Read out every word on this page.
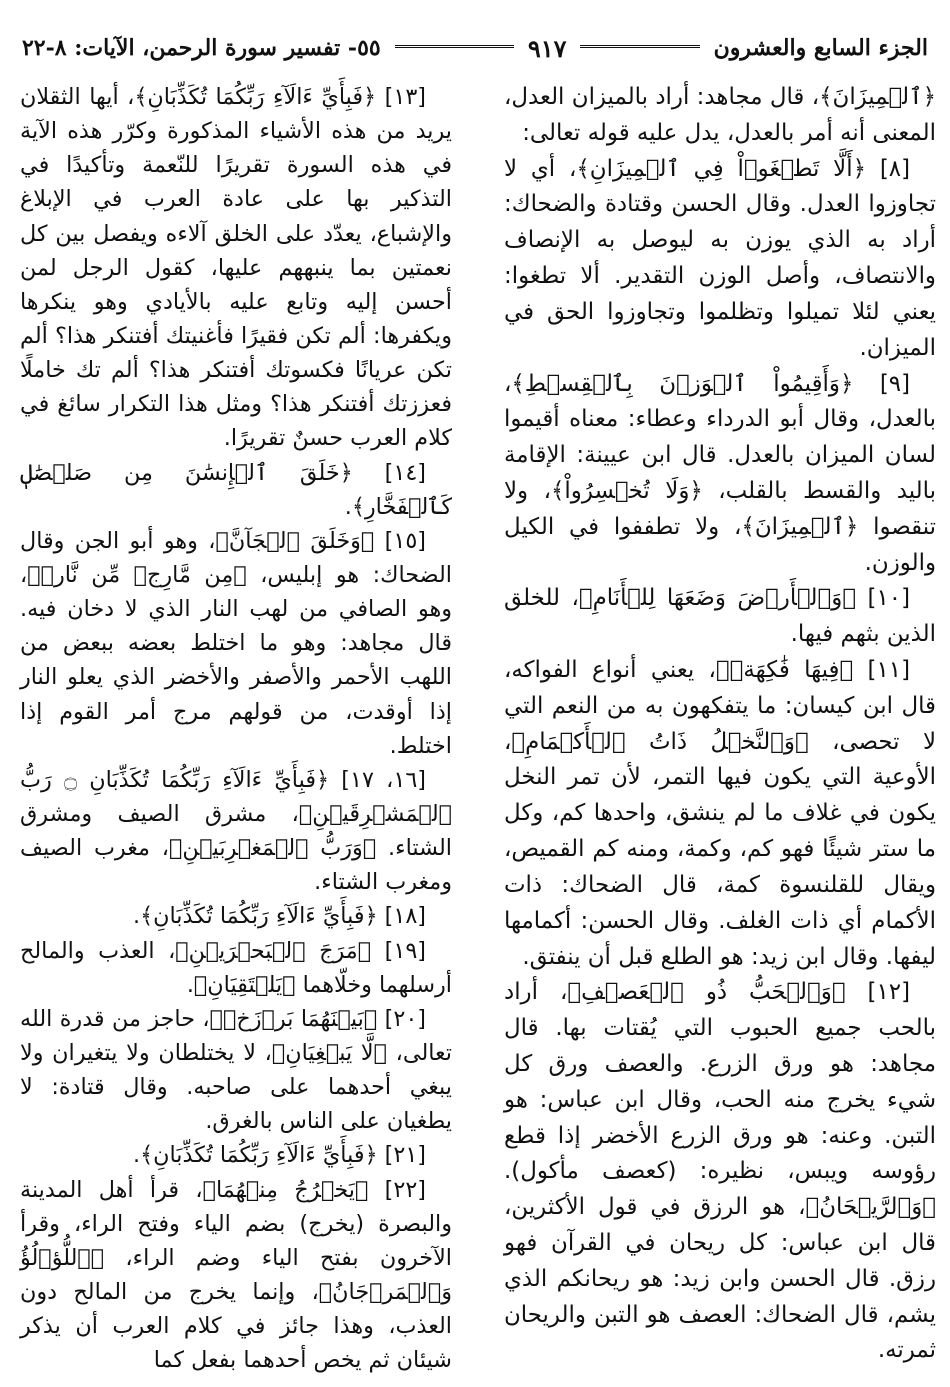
الجزء السابع والعشرون
٩١٧
٥٥- تفسير سورة الرحمن، الآيات: ٨-٢٢

﴿ٱلۡمِيزَانَ﴾، قال مجاهد: أراد بالميزان العدل، المعنى أنه أمر بالعدل، يدل عليه قوله تعالى:

[٨] ﴿أَلَّا تَطۡغَوۡاْ فِي ٱلۡمِيزَانِ﴾، أي لا تجاوزوا العدل. وقال الحسن وقتادة والضحاك: أراد به الذي يوزن به ليوصل به الإنصاف والانتصاف، وأصل الوزن التقدير. ألا تطغوا: يعني لئلا تميلوا وتظلموا وتجاوزوا الحق في الميزان.

[٩] ﴿وَأَقِيمُواْ ٱلۡوَزۡنَ بِٱلۡقِسۡطِ﴾، بالعدل، وقال أبو الدرداء وعطاء: معناه أقيموا لسان الميزان بالعدل. قال ابن عيينة: الإقامة باليد والقسط بالقلب، ﴿وَلَا تُخۡسِرُواْ﴾، ولا تنقصوا ﴿ٱلۡمِيزَانَ﴾، ولا تطففوا في الكيل والوزن.

[١٠] ﴿وَٱلۡأَرۡضَ وَضَعَهَا لِلۡأَنَامِ﴾، للخلق الذين بثهم فيها.

[١١] ﴿فِيهَا فَٰكِهَةٞ﴾، يعني أنواع الفواكه، قال ابن كيسان: ما يتفكهون به من النعم التي لا تحصى، ﴿وَٱلنَّخۡلُ ذَاتُ ٱلۡأَكۡمَامِ﴾، الأوعية التي يكون فيها التمر، لأن تمر النخل يكون في غلاف ما لم ينشق، واحدها كم، وكل ما ستر شيئًا فهو كم، وكمة، ومنه كم القميص، ويقال للقلنسوة كمة، قال الضحاك: ذات الأكمام أي ذات الغلف. وقال الحسن: أكمامها ليفها. وقال ابن زيد: هو الطلع قبل أن ينفتق.

[١٢] ﴿وَٱلۡحَبُّ ذُو ٱلۡعَصۡفِ﴾، أراد بالحب جميع الحبوب التي يُقتات بها. قال مجاهد: هو ورق الزرع. والعصف ورق كل شيء يخرج منه الحب، وقال ابن عباس: هو التبن. وعنه: هو ورق الزرع الأخضر إذا قطع رؤوسه ويبس، نظيره: (كعصف مأكول). ﴿وَٱلرَّيۡحَانُ﴾، هو الرزق في قول الأكثرين، قال ابن عباس: كل ريحان في القرآن فهو رزق. قال الحسن وابن زيد: هو ريحانكم الذي يشم، قال الضحاك: العصف هو التبن والريحان ثمرته.

[١٣] ﴿فَبِأَيِّ ءَالَآءِ رَبِّكُمَا تُكَذِّبَانِ﴾، أيها الثقلان يريد من هذه الأشياء المذكورة وكرّر هذه الآية في هذه السورة تقريرًا للنّعمة وتأكيدًا في التذكير بها على عادة العرب في الإبلاغ والإشباع، يعدّد على الخلق آلاءه ويفصل بين كل نعمتين بما ينبههم عليها، كقول الرجل لمن أحسن إليه وتابع عليه بالأيادي وهو ينكرها ويكفرها: ألم تكن فقيرًا فأغنيتك أفتنكر هذا؟ ألم تكن عريانًا فكسوتك أفتنكر هذا؟ ألم تك خاملًا فعززتك أفتنكر هذا؟ ومثل هذا التكرار سائغ في كلام العرب حسنٌ تقريرًا.

[١٤] ﴿خَلَقَ ٱلۡإِنسَٰنَ مِن صَلۡصَٰلٖ كَٱلۡفَخَّارِ﴾.

[١٥] ﴿وَخَلَقَ ٱلۡجَآنَّ﴾، وهو أبو الجن وقال الضحاك: هو إبليس، ﴿مِن مَّارِجٖ مِّن نَّارٖ﴾، وهو الصافي من لهب النار الذي لا دخان فيه. قال مجاهد: وهو ما اختلط بعضه ببعض من اللهب الأحمر والأصفر والأخضر الذي يعلو النار إذا أوقدت، من قولهم مرج أمر القوم إذا اختلط.

[١٦، ١٧] ﴿فَبِأَيِّ ءَالَآءِ رَبِّكُمَا تُكَذِّبَانِ ۝ رَبُّ ٱلۡمَشۡرِقَيۡنِ﴾، مشرق الصيف ومشرق الشتاء. ﴿وَرَبُّ ٱلۡمَغۡرِبَيۡنِ﴾، مغرب الصيف ومغرب الشتاء.

[١٨] ﴿فَبِأَيِّ ءَالَآءِ رَبِّكُمَا تُكَذِّبَانِ﴾.

[١٩] ﴿مَرَجَ ٱلۡبَحۡرَيۡنِ﴾، العذب والمالح أرسلهما وخلّاهما ﴿يَلۡتَقِيَانِ﴾.

[٢٠] ﴿بَيۡنَهُمَا بَرۡزَخٞ﴾، حاجز من قدرة الله تعالى، ﴿لَّا يَبۡغِيَانِ﴾، لا يختلطان ولا يتغيران ولا يبغي أحدهما على صاحبه. وقال قتادة: لا يطغيان على الناس بالغرق.

[٢١] ﴿فَبِأَيِّ ءَالَآءِ رَبِّكُمَا تُكَذِّبَانِ﴾.

[٢٢] ﴿يَخۡرُجُ مِنۡهُمَا﴾، قرأ أهل المدينة والبصرة (يخرج) بضم الياء وفتح الراء، وقرأ الآخرون بفتح الياء وضم الراء، ﴿ٱللُّؤۡلُؤُ وَٱلۡمَرۡجَانُ﴾، وإنما يخرج من المالح دون العذب، وهذا جائز في كلام العرب أن يذكر شيئان ثم يخص أحدهما بفعل كما
